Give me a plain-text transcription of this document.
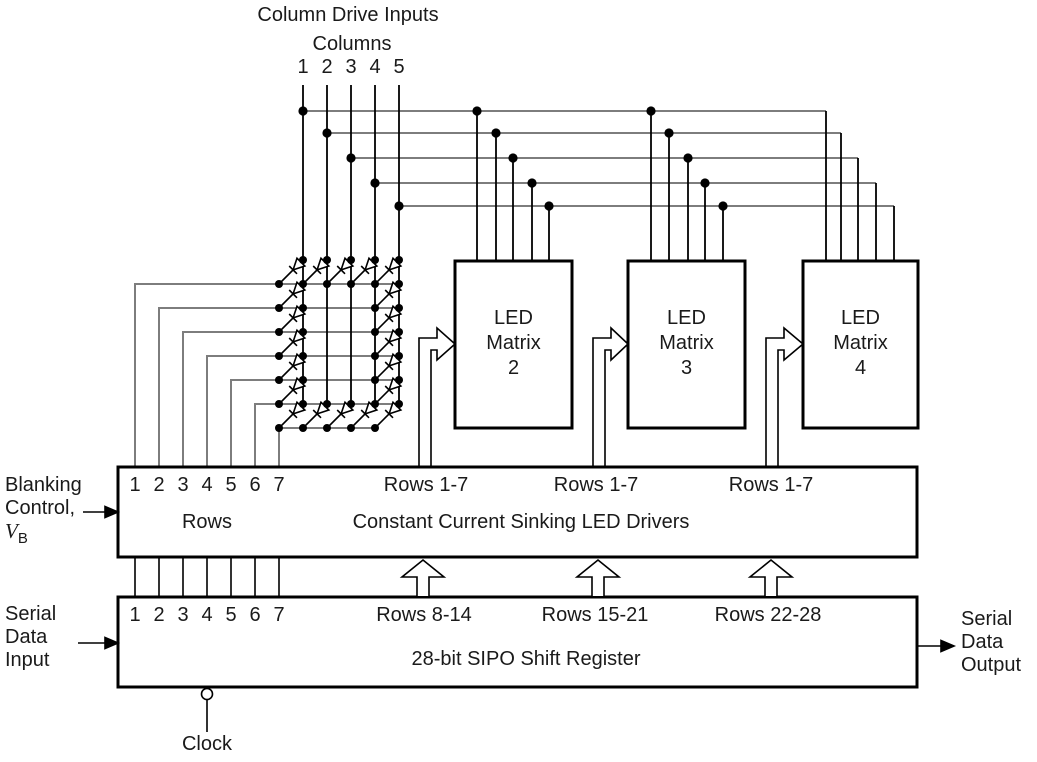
Column Drive Inputs
Columns
1 2 3 4 5
LED
Matrix
2
LED
Matrix
3
LED
Matrix
4
1 2 3 4 5 6 7	Rows 1-7	Rows 1-7	Rows 1-7
Rows	Constant Current Sinking LED Drivers
1 2 3 4 5 6 7	Rows 8-14	Rows 15-21	Rows 22-28
28-bit SIPO Shift Register
Blanking
Control,
$V_B$
Serial
Data
Input
Serial
Data
Output
Clock
